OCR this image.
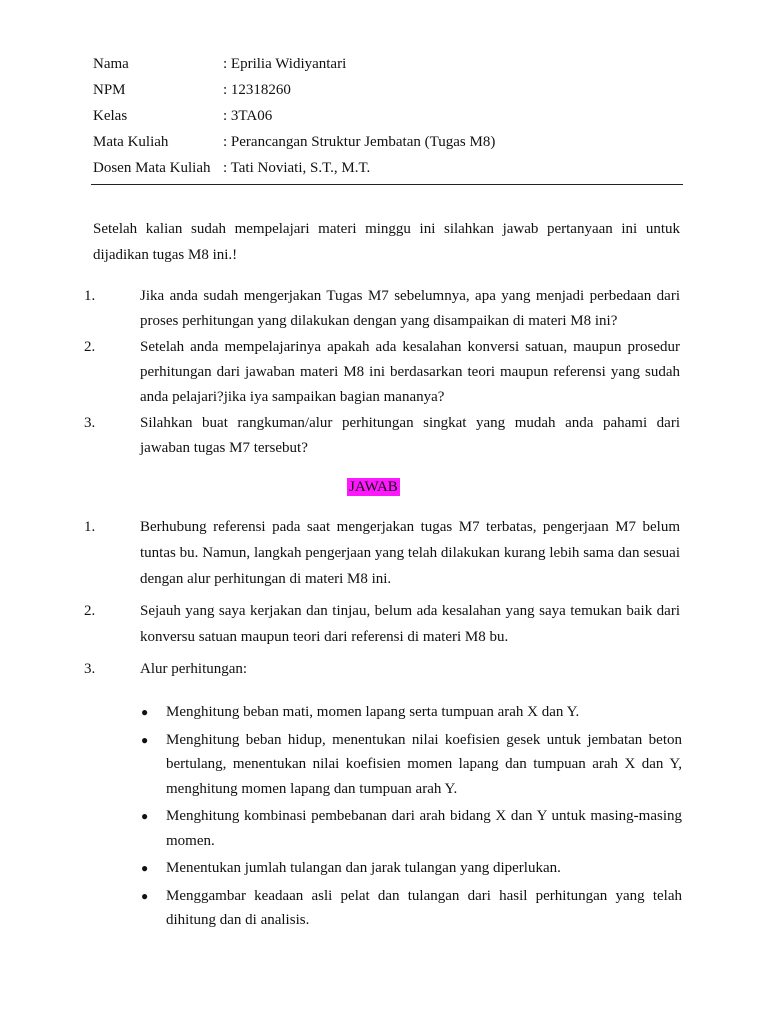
Nama	: Eprilia Widiyantari
NPM	: 12318260
Kelas	: 3TA06
Mata Kuliah	: Perancangan Struktur Jembatan (Tugas M8)
Dosen Mata Kuliah : Tati Noviati, S.T., M.T.
Setelah kalian sudah mempelajari materi minggu ini silahkan jawab pertanyaan ini untuk dijadikan tugas M8 ini.!
1.	Jika anda sudah mengerjakan Tugas M7 sebelumnya, apa yang menjadi perbedaan dari proses perhitungan yang dilakukan dengan yang disampaikan di materi M8 ini?
2.	Setelah anda mempelajarinya apakah ada kesalahan konversi satuan, maupun prosedur perhitungan dari jawaban materi M8 ini berdasarkan teori maupun referensi yang sudah anda pelajari?jika iya sampaikan bagian mananya?
3.	Silahkan buat rangkuman/alur perhitungan singkat yang mudah anda pahami dari jawaban tugas M7 tersebut?
JAWAB
1.	Berhubung referensi pada saat mengerjakan tugas M7 terbatas, pengerjaan M7 belum tuntas bu. Namun, langkah pengerjaan yang telah dilakukan kurang lebih sama dan sesuai dengan alur perhitungan di materi M8 ini.
2.	Sejauh yang saya kerjakan dan tinjau, belum ada kesalahan yang saya temukan baik dari konversu satuan maupun teori dari referensi di materi M8 bu.
3.	Alur perhitungan:
● Menghitung beban mati, momen lapang serta tumpuan arah X dan Y.
● Menghitung beban hidup, menentukan nilai koefisien gesek untuk jembatan beton bertulang, menentukan nilai koefisien momen lapang dan tumpuan arah X dan Y, menghitung momen lapang dan tumpuan arah Y.
● Menghitung kombinasi pembebanan dari arah bidang X dan Y untuk masing-masing momen.
● Menentukan jumlah tulangan dan jarak tulangan yang diperlukan.
● Menggambar keadaan asli pelat dan tulangan dari hasil perhitungan yang telah dihitung dan di analisis.
